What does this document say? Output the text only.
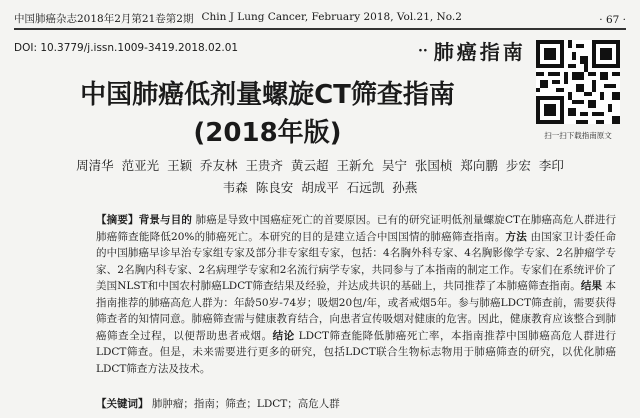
中国肺癌杂志2018年2月第21卷第2期 Chin J Lung Cancer, February 2018, Vol.21, No.2	· 67 ·
DOI: 10.3779/j.issn.1009-3419.2018.02.01	·· 肺癌指南
扫一扫下载指南原文
中国肺癌低剂量螺旋CT筛查指南
(2018年版)
周清华 范亚光 王颖 乔友林 王贵齐 黄云超 王新允 吴宁 张国桢 郑向鹏 步宏 李印
韦森 陈良安 胡成平 石远凯 孙燕
【摘要】背景与目的 肺癌是导致中国癌症死亡的首要原因。已有的研究证明低剂量螺旋CT在肺癌高危人群进行肺癌筛查能降低20%的肺癌死亡。本研究的目的是建立适合中国国情的肺癌筛查指南。方法 由国家卫计委任命的中国肺癌早诊早治专家组专家及部分非专家组专家，包括：4名胸外科专家、4名胸影像学专家、2名肿瘤学专家、2名胸内科专家、2名病理学专家和2名流行病学专家，共同参与了本指南的制定工作。专家们在系统评价了美国NLST和中国农村肺癌LDCT筛查结果及经验，并达成共识的基础上，共同推荐了本肺癌筛查指南。结果 本指南推荐的肺癌高危人群为：年龄50岁-74岁；吸烟20包/年，或者戒烟5年。参与肺癌LDCT筛查前，需要获得筛查者的知情同意。肺癌筛查需与健康教育结合，向患者宣传吸烟对健康的危害。因此，健康教育应该整合到肺癌筛查全过程，以便帮助患者戒烟。结论 LDCT筛查能降低肺癌死亡率，本指南推荐中国肺癌高危人群进行LDCT筛查。但是，未来需要进行更多的研究，包括LDCT联合生物标志物用于肺癌筛查的研究，以优化肺癌LDCT筛查方法及技术。
【关键词】 肺肿瘤；指南；筛查；LDCT；高危人群
